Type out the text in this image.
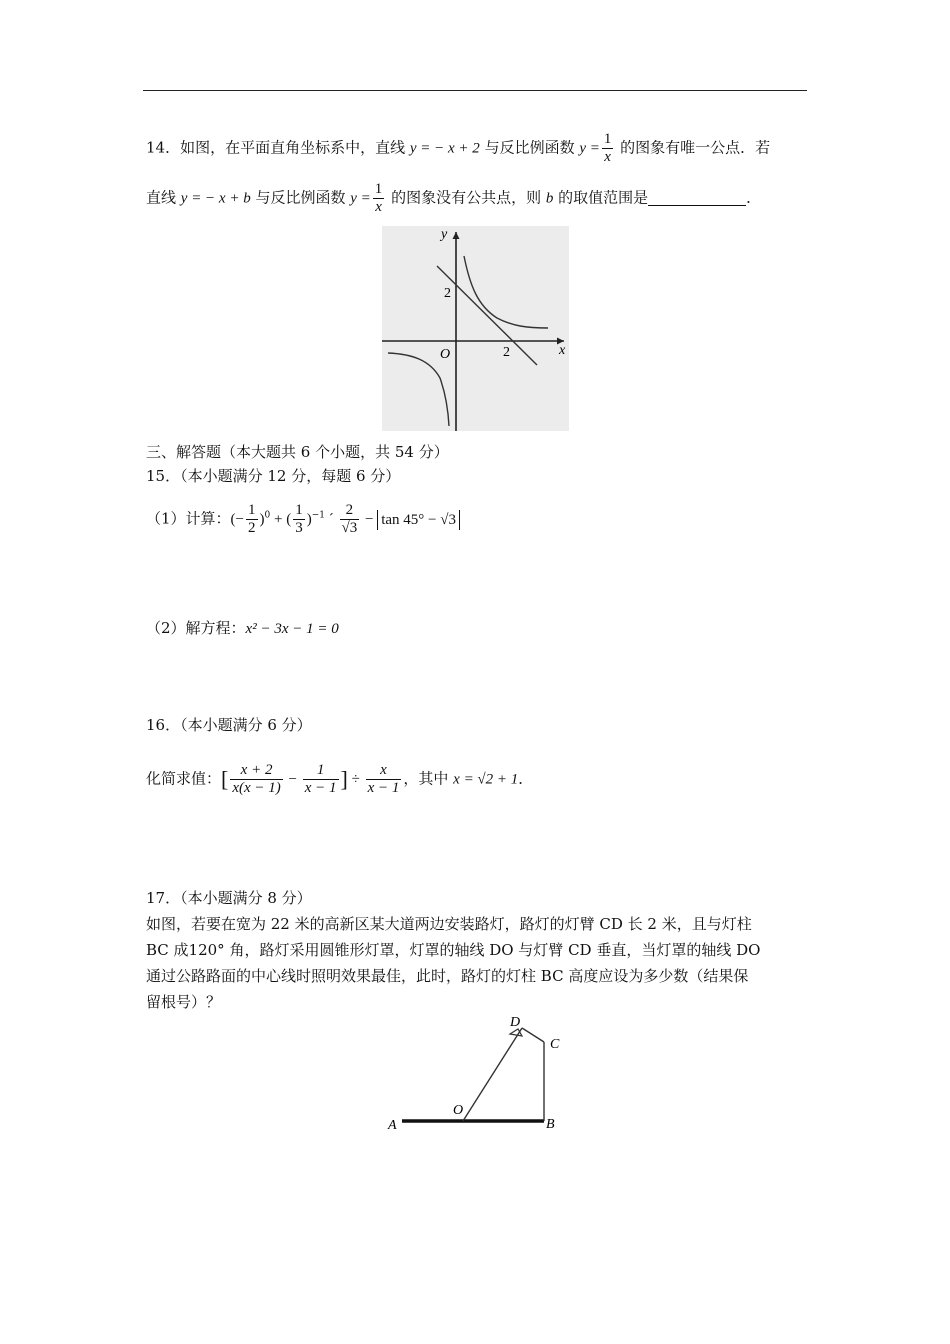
14．如图，在平面直角坐标系中，直线 y = − x + 2 与反比例函数 $y = \frac{1}{x}$ 的图象有唯一公点．若
直线 y = − x + b 与反比例函数 $y = \frac{1}{x}$ 的图象没有公共点，则 b 的取值范围是	．
y
x
O
2
2
三、解答题（本大题共 6 个小题，共 54 分）
15．（本小题满分 12 分，每题 6 分）
（1）计算：(− $\frac{1}{2} )^0$ + ( $\frac{1}{3} )^{-1}$ ´ $\frac{2}{√3} - \tan 45^\circ - √3$
（2）解方程：x² − 3x − 1 = 0
16．（本小题满分 6 分）
化简求值：[ $\frac{x + 2}{x(x - 1)} - \frac{1}{x - 1}$ ] ÷ $\frac{x}{x - 1}$ ，其中 x = √2 + 1．
17．（本小题满分 8 分）
如图，若要在宽为 22 米的高新区某大道两边安装路灯，路灯的灯臂 CD 长 2 米，且与灯柱
BC 成120° 角，路灯采用圆锥形灯罩，灯罩的轴线 DO 与灯臂 CD 垂直，当灯罩的轴线 DO
通过公路路面的中心线时照明效果最佳，此时，路灯的灯柱 BC 高度应设为多少数（结果保
留根号）？
A	B
C
D
O
